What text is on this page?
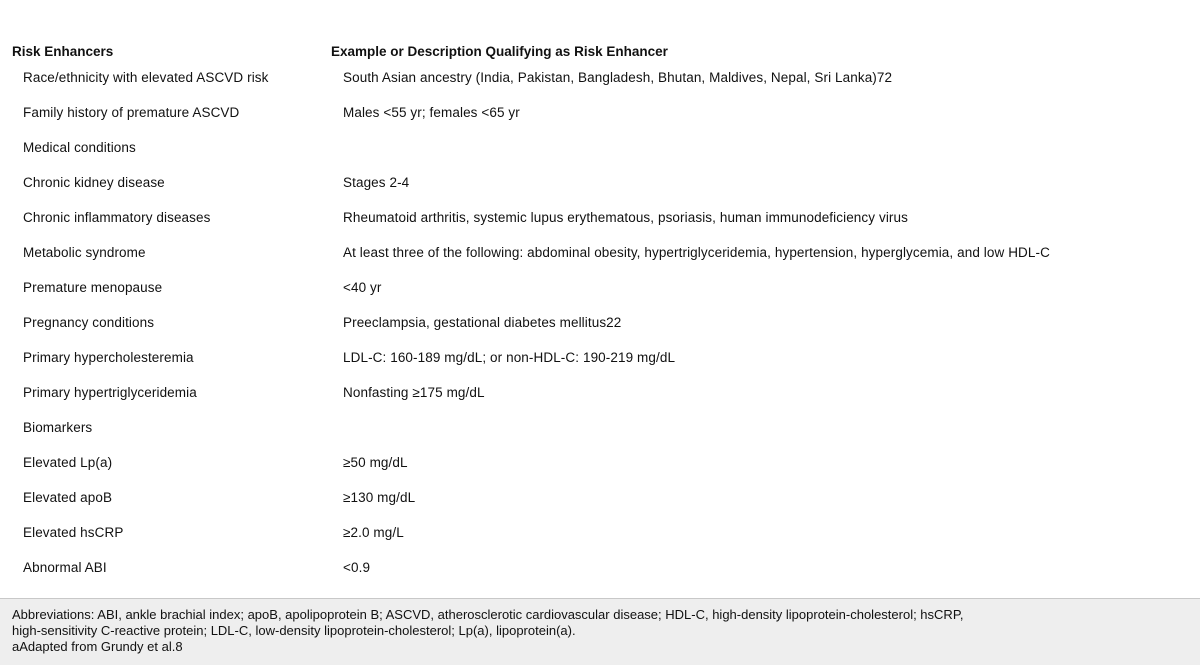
Risk Enhancers	Example or Description Qualifying as Risk Enhancer
Race/ethnicity with elevated ASCVD risk	South Asian ancestry (India, Pakistan, Bangladesh, Bhutan, Maldives, Nepal, Sri Lanka)72
Family history of premature ASCVD	Males <55 yr; females <65 yr
Medical conditions
Chronic kidney disease	Stages 2-4
Chronic inflammatory diseases	Rheumatoid arthritis, systemic lupus erythematous, psoriasis, human immunodeficiency virus
Metabolic syndrome	At least three of the following: abdominal obesity, hypertriglyceridemia, hypertension, hyperglycemia, and low HDL-C
Premature menopause	<40 yr
Pregnancy conditions	Preeclampsia, gestational diabetes mellitus22
Primary hypercholesteremia	LDL-C: 160-189 mg/dL; or non-HDL-C: 190-219 mg/dL
Primary hypertriglyceridemia	Nonfasting ≥175 mg/dL
Biomarkers
Elevated Lp(a)	≥50 mg/dL
Elevated apoB	≥130 mg/dL
Elevated hsCRP	≥2.0 mg/L
Abnormal ABI	<0.9
Abbreviations: ABI, ankle brachial index; apoB, apolipoprotein B; ASCVD, atherosclerotic cardiovascular disease; HDL-C, high-density lipoprotein-cholesterol; hsCRP,
high-sensitivity C-reactive protein; LDL-C, low-density lipoprotein-cholesterol; Lp(a), lipoprotein(a).
aAdapted from Grundy et al.8
